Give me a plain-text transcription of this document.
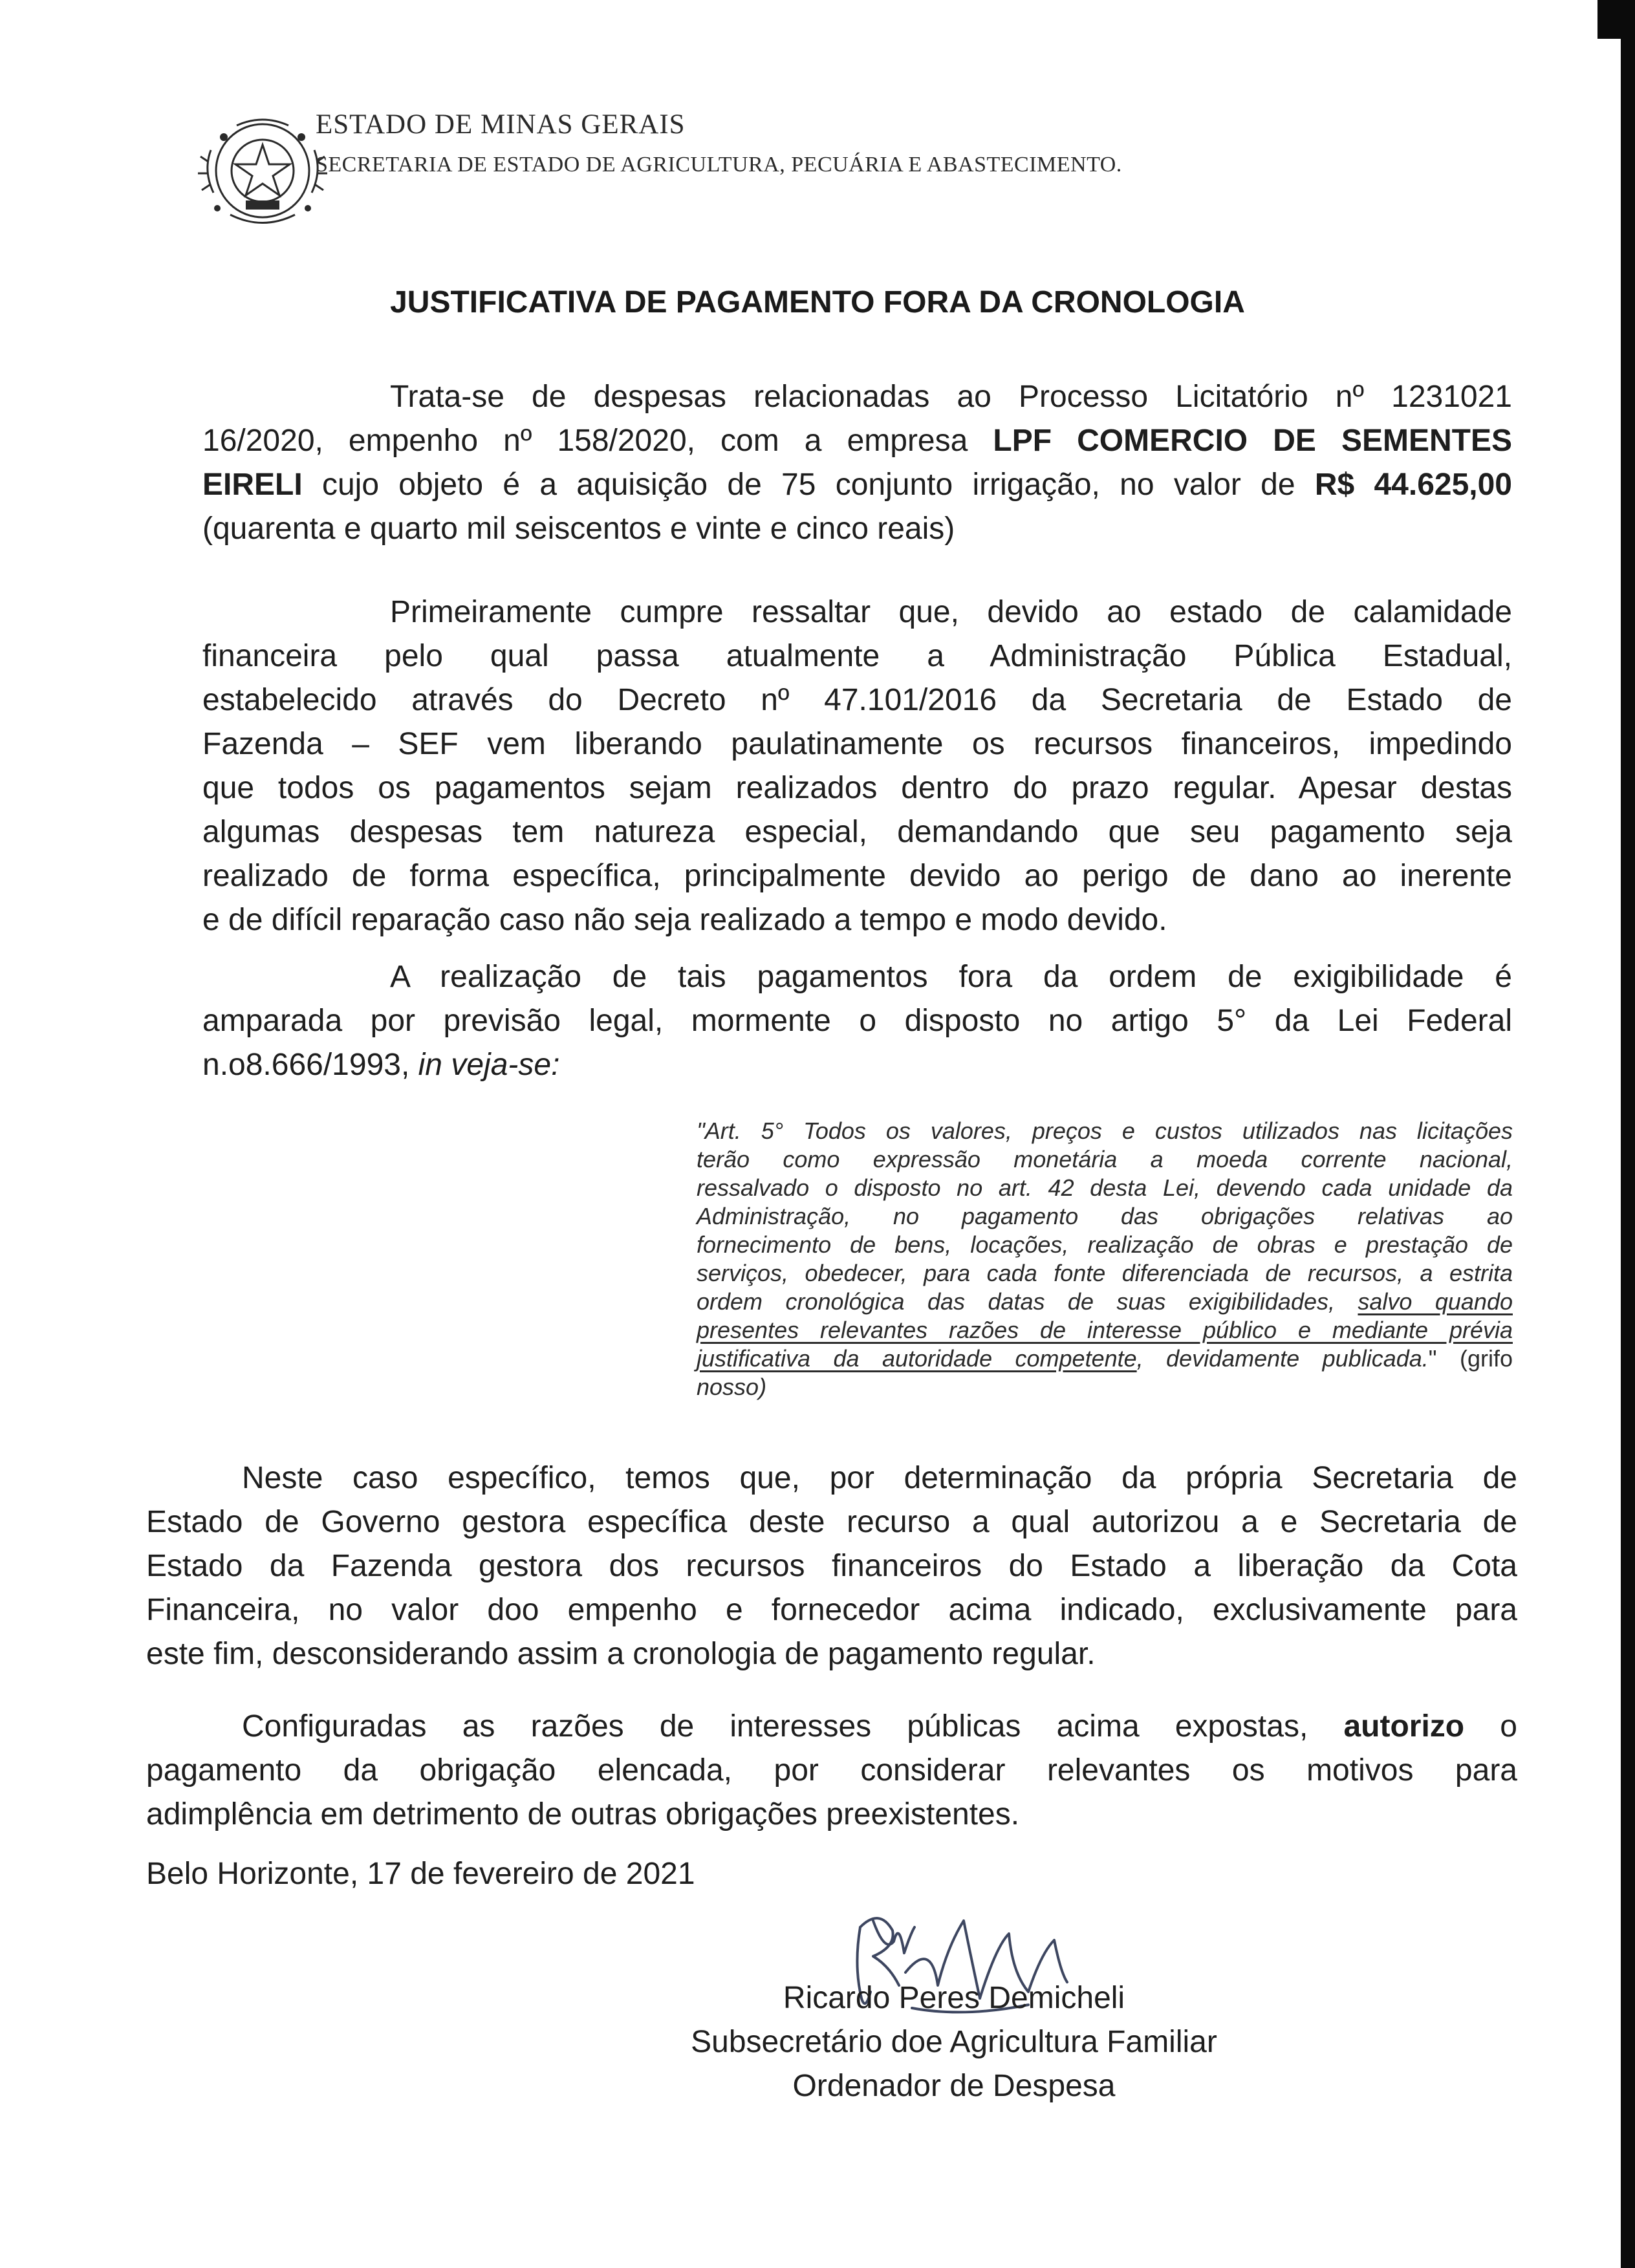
ESTADO DE MINAS GERAIS
SECRETARIA DE ESTADO DE AGRICULTURA, PECUÁRIA E ABASTECIMENTO.
JUSTIFICATIVA DE PAGAMENTO FORA DA CRONOLOGIA
Trata-se de despesas relacionadas ao Processo Licitatório nº 1231021
16/2020, empenho nº 158/2020, com a empresa LPF COMERCIO DE SEMENTES
EIRELI cujo objeto é a aquisição de 75 conjunto irrigação, no valor de R$ 44.625,00
(quarenta e quarto mil seiscentos e vinte e cinco reais)
Primeiramente cumpre ressaltar que, devido ao estado de calamidade
financeira pelo qual passa atualmente a Administração Pública Estadual,
estabelecido através do Decreto nº 47.101/2016 da Secretaria de Estado de
Fazenda – SEF vem liberando paulatinamente os recursos financeiros, impedindo
que todos os pagamentos sejam realizados dentro do prazo regular. Apesar destas
algumas despesas tem natureza especial, demandando que seu pagamento seja
realizado de forma específica, principalmente devido ao perigo de dano ao inerente
e de difícil reparação caso não seja realizado a tempo e modo devido.
A realização de tais pagamentos fora da ordem de exigibilidade é
amparada por previsão legal, mormente o disposto no artigo 5° da Lei Federal
n.o8.666/1993, in veja-se:
"Art. 5° Todos os valores, preços e custos utilizados nas licitações
terão como expressão monetária a moeda corrente nacional,
ressalvado o disposto no art. 42 desta Lei, devendo cada unidade da
Administração, no pagamento das obrigações relativas ao
fornecimento de bens, locações, realização de obras e prestação de
serviços, obedecer, para cada fonte diferenciada de recursos, a estrita
ordem cronológica das datas de suas exigibilidades, salvo quando
presentes relevantes razões de interesse público e mediante prévia
justificativa da autoridade competente, devidamente publicada." (grifo
nosso)
Neste caso específico, temos que, por determinação da própria Secretaria de
Estado de Governo gestora específica deste recurso a qual autorizou a e Secretaria de
Estado da Fazenda gestora dos recursos financeiros do Estado a liberação da Cota
Financeira, no valor doo empenho e fornecedor acima indicado, exclusivamente para
este fim, desconsiderando assim a cronologia de pagamento regular.
Configuradas as razões de interesses públicas acima expostas, autorizo o
pagamento da obrigação elencada, por considerar relevantes os motivos para
adimplência em detrimento de outras obrigações preexistentes.
Belo Horizonte, 17 de fevereiro de 2021
Ricardo Peres Demicheli
Subsecretário doe Agricultura Familiar
Ordenador de Despesa
